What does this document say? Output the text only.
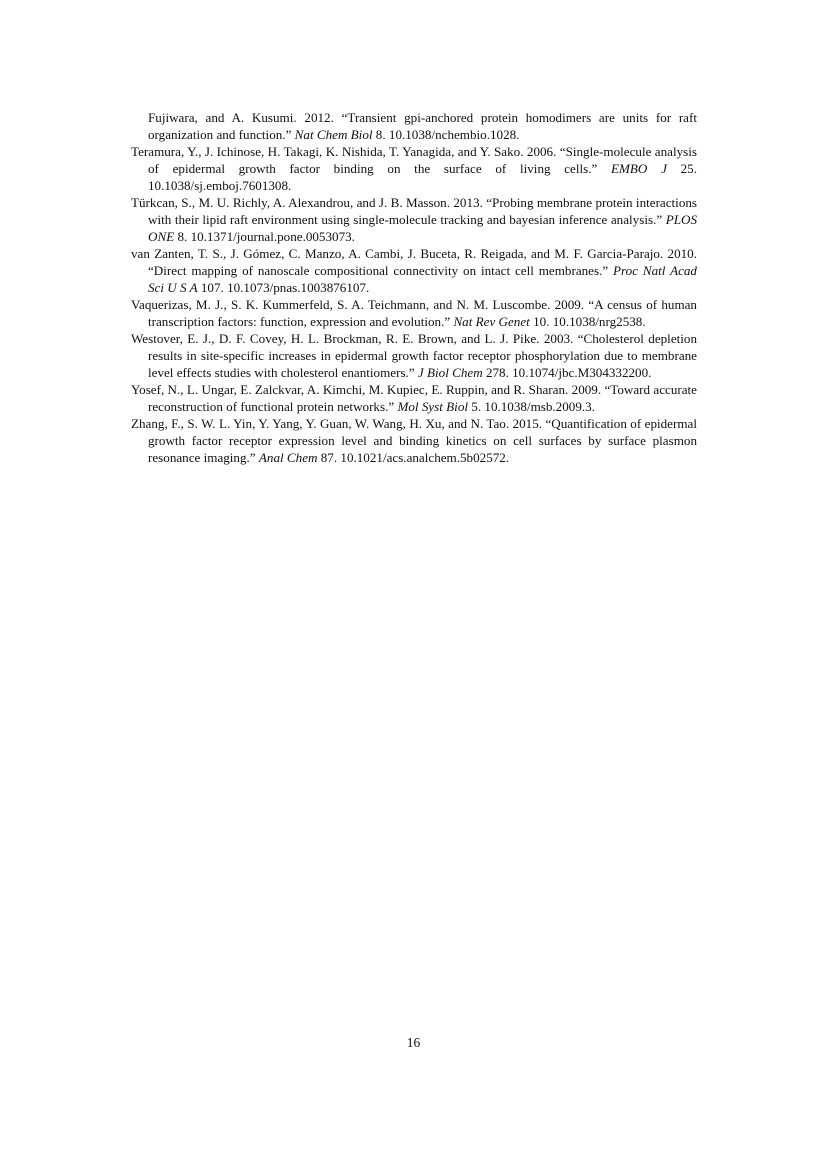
Fujiwara, and A. Kusumi. 2012. “Transient gpi-anchored protein homodimers are units for raft organization and function.” Nat Chem Biol 8. 10.1038/nchembio.1028.

Teramura, Y., J. Ichinose, H. Takagi, K. Nishida, T. Yanagida, and Y. Sako. 2006. “Single-molecule analysis of epidermal growth factor binding on the surface of living cells.” EMBO J 25. 10.1038/sj.emboj.7601308.

Türkcan, S., M. U. Richly, A. Alexandrou, and J. B. Masson. 2013. “Probing membrane protein interactions with their lipid raft environment using single-molecule tracking and bayesian inference analysis.” PLOS ONE 8. 10.1371/journal.pone.0053073.

van Zanten, T. S., J. Gómez, C. Manzo, A. Cambi, J. Buceta, R. Reigada, and M. F. Garcia-Parajo. 2010. “Direct mapping of nanoscale compositional connectivity on intact cell membranes.” Proc Natl Acad Sci U S A 107. 10.1073/pnas.1003876107.

Vaquerizas, M. J., S. K. Kummerfeld, S. A. Teichmann, and N. M. Luscombe. 2009. “A census of human transcription factors: function, expression and evolution.” Nat Rev Genet 10. 10.1038/nrg2538.

Westover, E. J., D. F. Covey, H. L. Brockman, R. E. Brown, and L. J. Pike. 2003. “Cholesterol depletion results in site-specific increases in epidermal growth factor receptor phosphorylation due to membrane level effects studies with cholesterol enantiomers.” J Biol Chem 278. 10.1074/jbc.M304332200.

Yosef, N., L. Ungar, E. Zalckvar, A. Kimchi, M. Kupiec, E. Ruppin, and R. Sharan. 2009. “Toward accurate reconstruction of functional protein networks.” Mol Syst Biol 5. 10.1038/msb.2009.3.

Zhang, F., S. W. L. Yin, Y. Yang, Y. Guan, W. Wang, H. Xu, and N. Tao. 2015. “Quantification of epidermal growth factor receptor expression level and binding kinetics on cell surfaces by surface plasmon resonance imaging.” Anal Chem 87. 10.1021/acs.analchem.5b02572.

16
